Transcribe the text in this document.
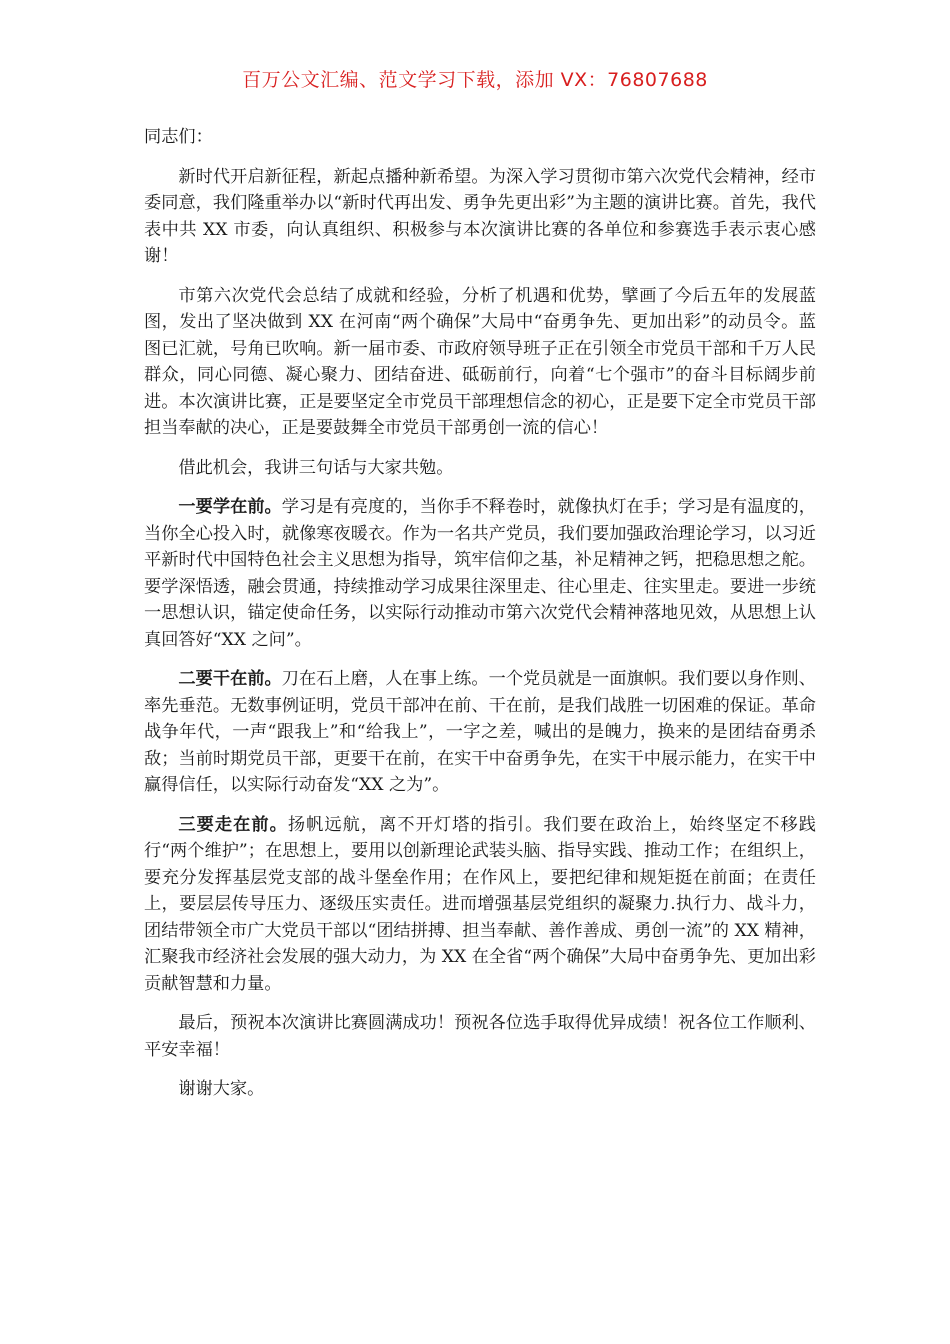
百万公文汇编、范文学习下载，添加 VX：76807688

同志们：

新时代开启新征程，新起点播种新希望。为深入学习贯彻市第六次党代会精神，经市委同意，我们隆重举办以“新时代再出发、勇争先更出彩”为主题的演讲比赛。首先，我代表中共 XX 市委，向认真组织、积极参与本次演讲比赛的各单位和参赛选手表示衷心感谢！

市第六次党代会总结了成就和经验，分析了机遇和优势，擘画了今后五年的发展蓝图，发出了坚决做到 XX 在河南“两个确保”大局中“奋勇争先、更加出彩”的动员令。蓝图已汇就，号角已吹响。新一届市委、市政府领导班子正在引领全市党员干部和千万人民群众，同心同德、凝心聚力、团结奋进、砥砺前行，向着“七个强市”的奋斗目标阔步前进。本次演讲比赛，正是要坚定全市党员干部理想信念的初心，正是要下定全市党员干部担当奉献的决心，正是要鼓舞全市党员干部勇创一流的信心！

借此机会，我讲三句话与大家共勉。

一要学在前。学习是有亮度的，当你手不释卷时，就像执灯在手；学习是有温度的，当你全心投入时，就像寒夜暖衣。作为一名共产党员，我们要加强政治理论学习，以习近平新时代中国特色社会主义思想为指导，筑牢信仰之基，补足精神之钙，把稳思想之舵。要学深悟透，融会贯通，持续推动学习成果往深里走、往心里走、往实里走。要进一步统一思想认识，锚定使命任务，以实际行动推动市第六次党代会精神落地见效，从思想上认真回答好“XX 之问”。

二要干在前。刀在石上磨，人在事上练。一个党员就是一面旗帜。我们要以身作则、率先垂范。无数事例证明，党员干部冲在前、干在前，是我们战胜一切困难的保证。革命战争年代，一声“跟我上”和“给我上”，一字之差，喊出的是魄力，换来的是团结奋勇杀敌；当前时期党员干部，更要干在前，在实干中奋勇争先，在实干中展示能力，在实干中赢得信任，以实际行动奋发“XX 之为”。

三要走在前。扬帆远航，离不开灯塔的指引。我们要在政治上，始终坚定不移践行“两个维护”；在思想上，要用以创新理论武装头脑、指导实践、推动工作；在组织上，要充分发挥基层党支部的战斗堡垒作用；在作风上，要把纪律和规矩挺在前面；在责任上，要层层传导压力、逐级压实责任。进而增强基层党组织的凝聚力.执行力、战斗力，团结带领全市广大党员干部以“团结拼搏、担当奉献、善作善成、勇创一流”的 XX 精神，汇聚我市经济社会发展的强大动力，为 XX 在全省“两个确保”大局中奋勇争先、更加出彩贡献智慧和力量。

最后，预祝本次演讲比赛圆满成功！预祝各位选手取得优异成绩！祝各位工作顺利、平安幸福！

谢谢大家。
